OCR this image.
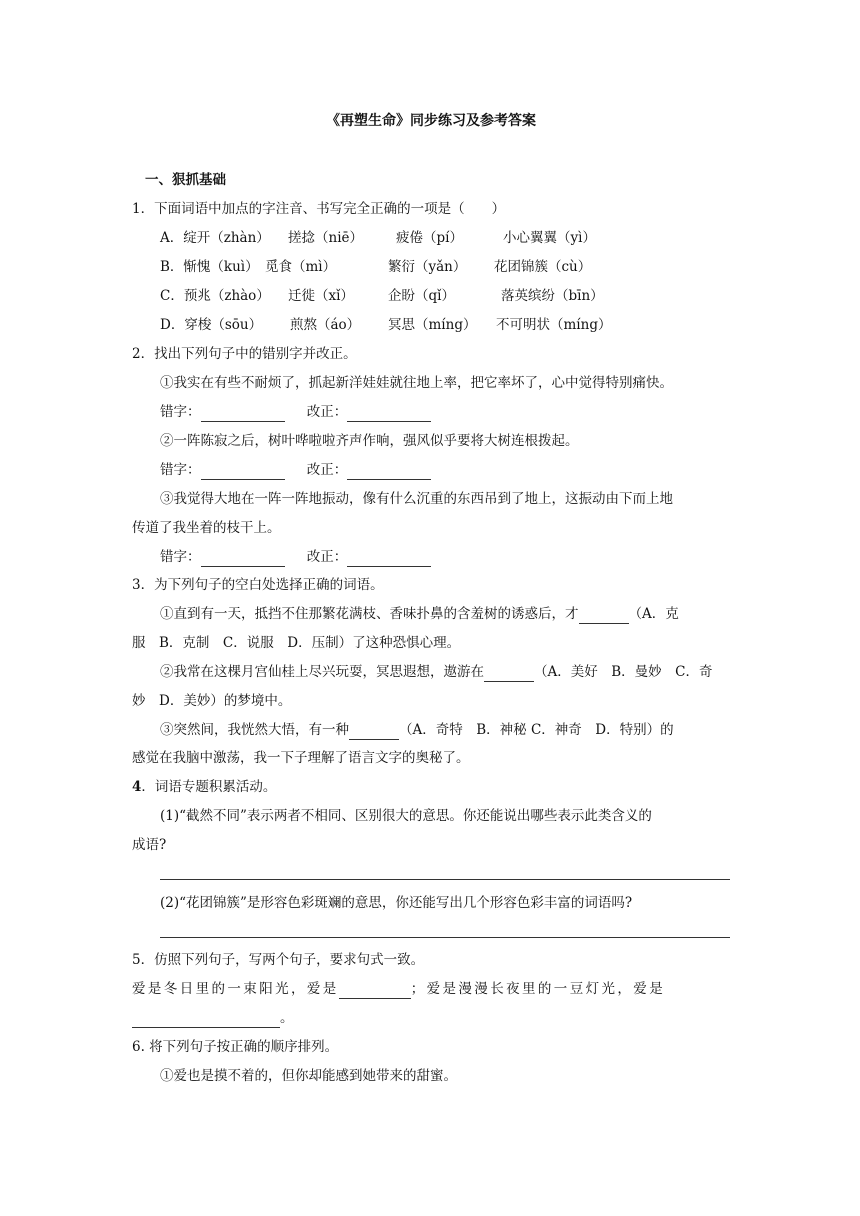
《再塑生命》同步练习及参考答案
一、狠抓基础
1．下面词语中加点的字注音、书写完全正确的一项是（　　）
A．绽开（zhàn） 搓捻（niē） 疲倦（pí）	小心翼翼（yì）
B．惭愧（kuì） 觅食（mì）	繁衍（yǎn） 花团锦簇（cù）
C．预兆（zhào） 迁徙（xǐ）	企盼（qǐ）	落英缤纷（bīn）
D．穿梭（sōu） 煎熬（áo） 冥思（míng） 不可明状（míng）
2．找出下列句子中的错别字并改正。
①我实在有些不耐烦了，抓起新洋娃娃就往地上率，把它率坏了，心中觉得特别痛快。
错字：	改正：
②一阵陈寂之后，树叶哗啦啦齐声作响，强风似乎要将大树连根拨起。
错字：	改正：
③我觉得大地在一阵一阵地振动，像有什么沉重的东西吊到了地上，这振动由下而上地
传道了我坐着的枝干上。
错字：	改正：
3．为下列句子的空白处选择正确的词语。
①直到有一天，抵挡不住那繁花满枝、香味扑鼻的含羞树的诱惑后，才	（A．克
服　B．克制　C．说服　D．压制）了这种恐惧心理。
②我常在这棵月宫仙桂上尽兴玩耍，冥思遐想，遨游在	（A．美好　B．曼妙　C．奇
妙　D．美妙）的梦境中。
③突然间，我恍然大悟，有一种	（A．奇特　B．神秘 C．神奇　D．特别）的
感觉在我脑中激荡，我一下子理解了语言文字的奥秘了。
4．词语专题积累活动。
(1)“截然不同”表示两者不相同、区别很大的意思。你还能说出哪些表示此类含义的
成语?
(2)“花团锦簇”是形容色彩斑斓的意思，你还能写出几个形容色彩丰富的词语吗?
5．仿照下列句子，写两个句子，要求句式一致。
爱是冬日里的一束阳光，爱是	；爱是漫漫长夜里的一豆灯光，爱是
。
6. 将下列句子按正确的顺序排列。
①爱也是摸不着的，但你却能感到她带来的甜蜜。
